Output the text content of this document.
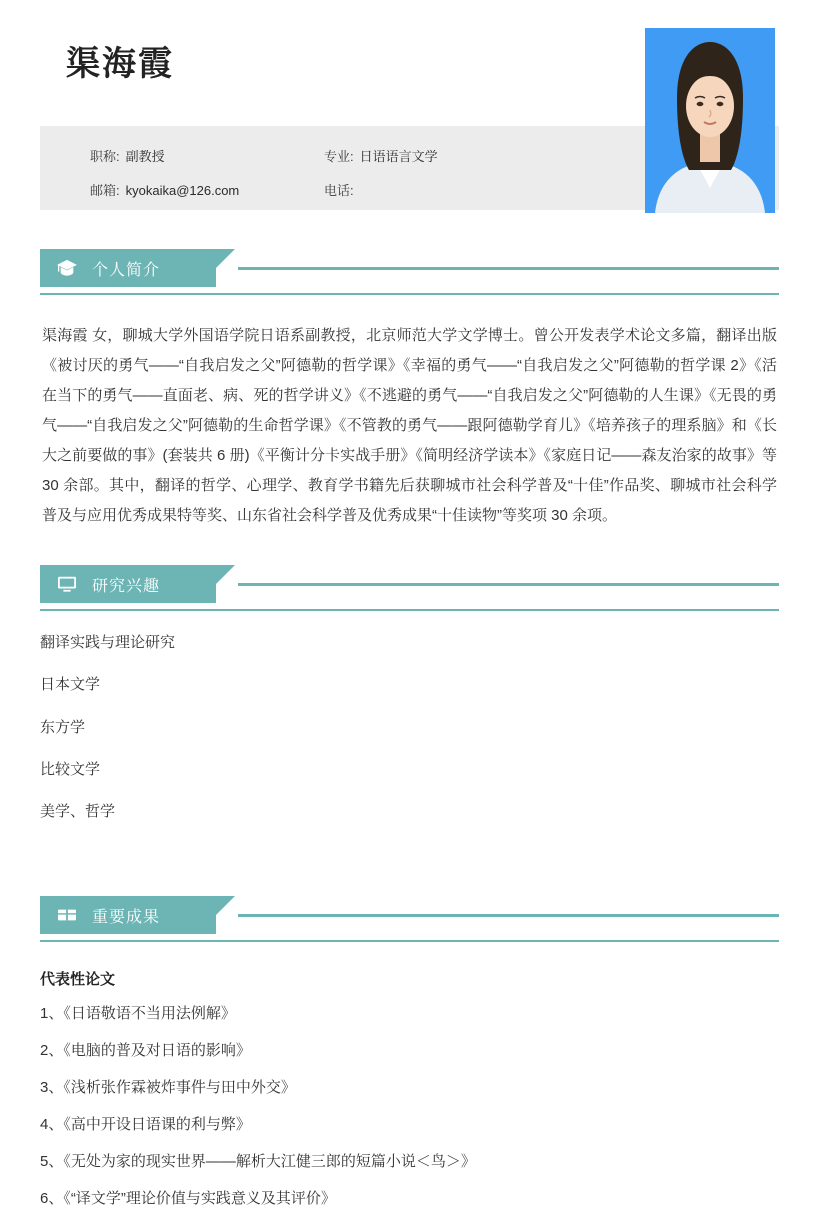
渠海霞
职称: 副教授	专业: 日语语言文学
邮箱: kyokaika@126.com	电话:
个人简介

渠海霞 女，聊城大学外国语学院日语系副教授，北京师范大学文学博士。曾公开发表学术论文多篇，翻译出版《被讨厌的勇气——“自我启发之父”阿德勒的哲学课》《幸福的勇气——“自我启发之父”阿德勒的哲学课 2》《活在当下的勇气——直面老、病、死的哲学讲义》《不逃避的勇气——“自我启发之父”阿德勒的人生课》《无畏的勇气——“自我启发之父”阿德勒的生命哲学课》《不管教的勇气——跟阿德勒学育儿》《培养孩子的理系脑》和《长大之前要做的事》(套装共 6 册)《平衡计分卡实战手册》《简明经济学读本》《家庭日记——森友治家的故事》等 30 余部。其中，翻译的哲学、心理学、教育学书籍先后获聊城市社会科学普及“十佳”作品奖、聊城市社会科学普及与应用优秀成果特等奖、山东省社会科学普及优秀成果“十佳读物”等奖项 30 余项。

研究兴趣
翻译实践与理论研究
日本文学
东方学
比较文学
美学、哲学
重要成果
代表性论文
1、《日语敬语不当用法例解》
2、《电脑的普及对日语的影响》
3、《浅析张作霖被炸事件与田中外交》
4、《高中开设日语课的利与弊》
5、《无处为家的现实世界——解析大江健三郎的短篇小说＜鸟＞》
6、《“译文学”理论价值与实践意义及其评价》
